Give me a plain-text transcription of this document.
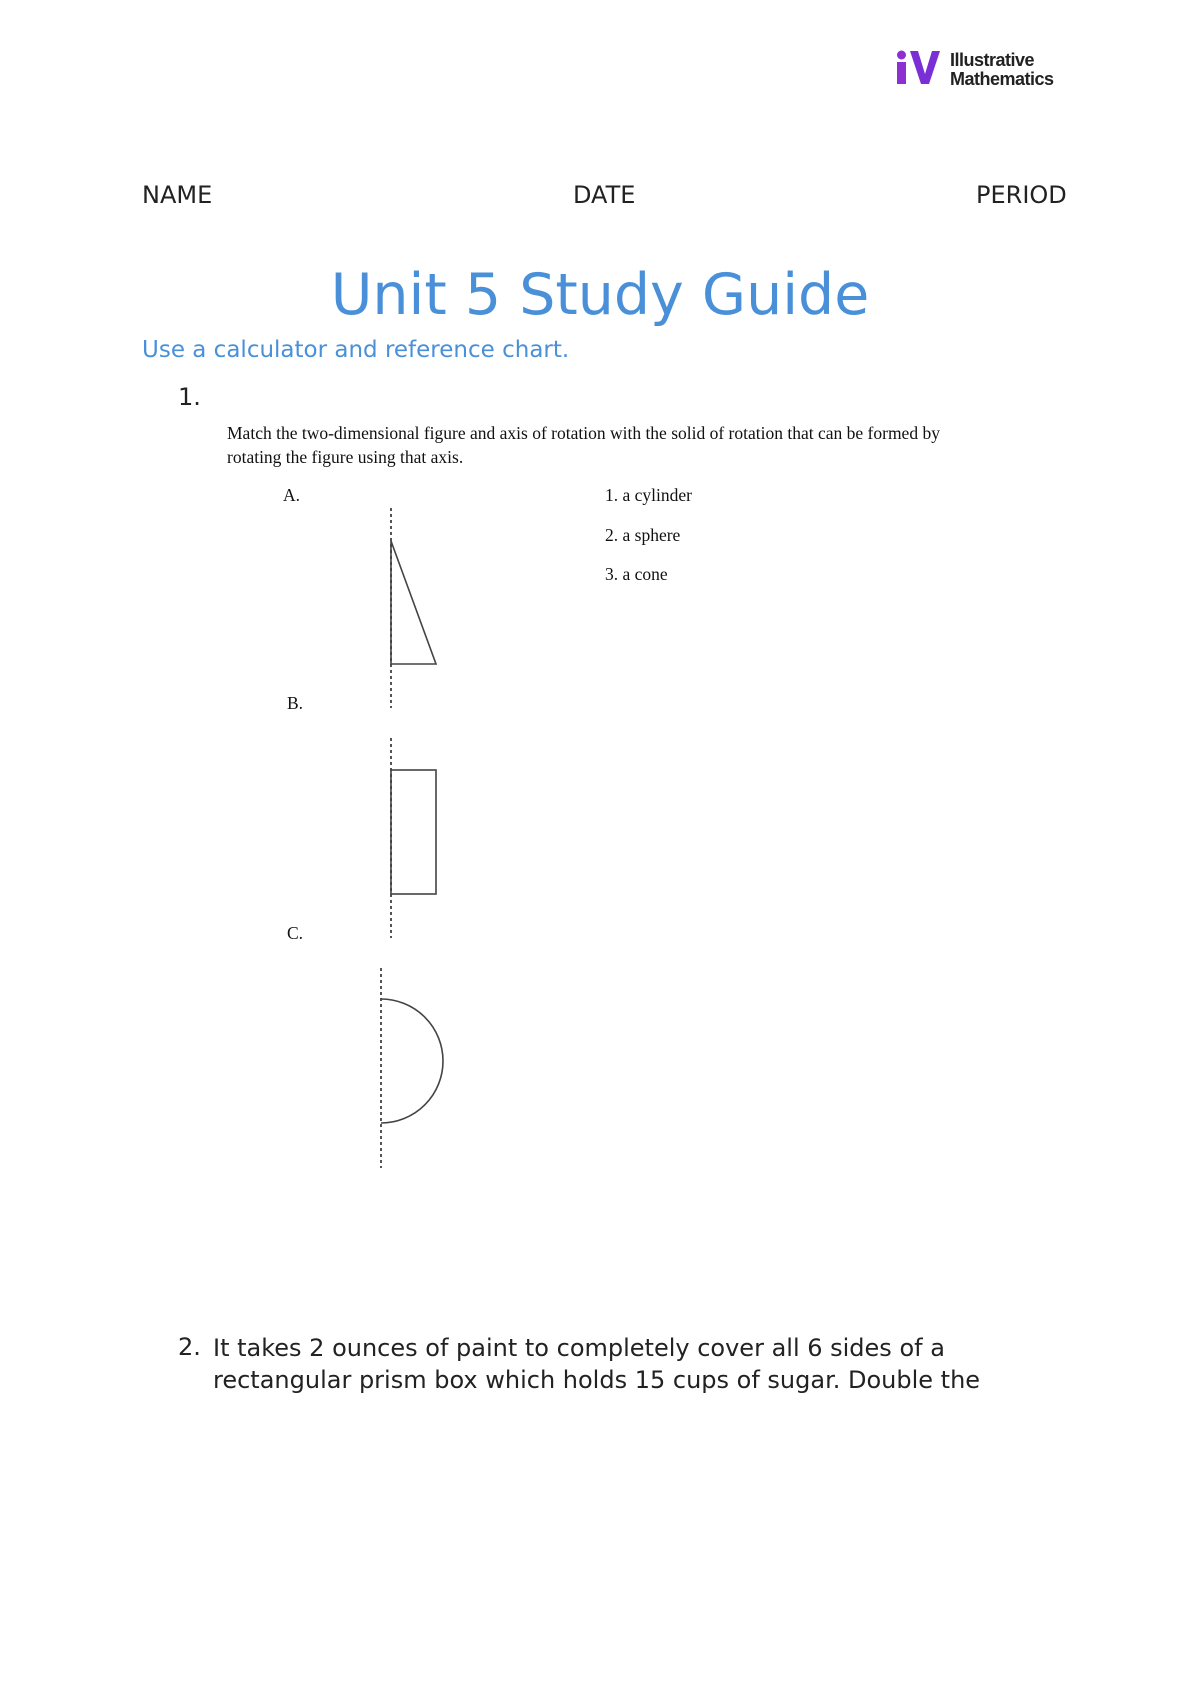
Illustrative
Mathematics
NAME	DATE	PERIOD
Unit 5 Study Guide
Use a calculator and reference chart.
1.
Match the two-dimensional figure and axis of rotation with the solid of rotation that can be formed by rotating the figure using that axis.
A.
B.
C.
1. a cylinder
2. a sphere
3. a cone
2. It takes 2 ounces of paint to completely cover all 6 sides of a rectangular prism box which holds 15 cups of sugar. Double the
